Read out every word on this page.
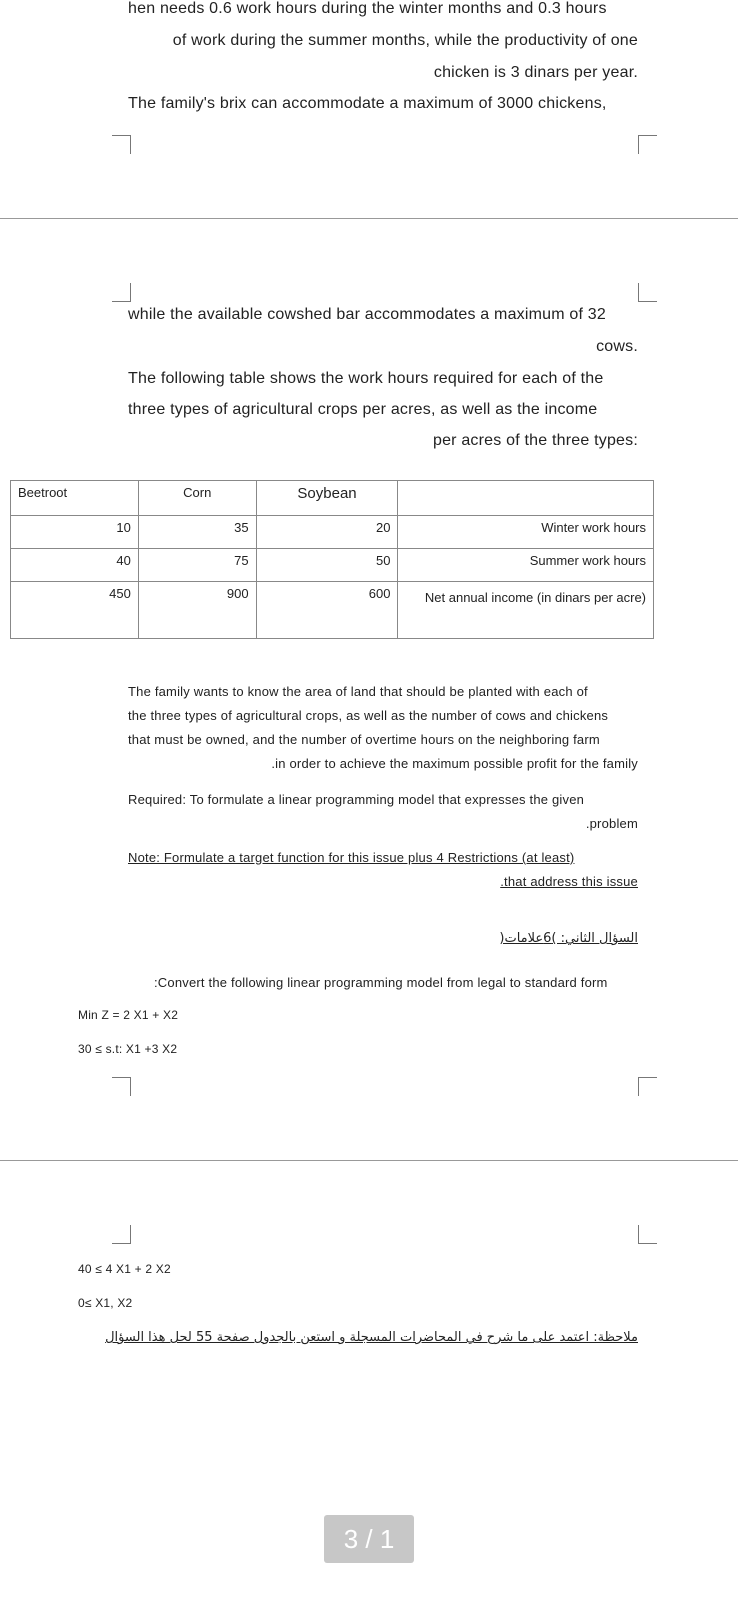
hen needs 0.6 work hours during the winter months and 0.3 hours
of work during the summer months, while the productivity of one
chicken is 3 dinars per year.
The family's brix can accommodate a maximum of 3000 chickens,
while the available cowshed bar accommodates a maximum of 32
cows.
The following table shows the work hours required for each of the
three types of agricultural crops per acres, as well as the income
per acres of the three types:
Beetroot	Corn	Soybean	
10	35	20	Winter work hours
40	75	50	Summer work hours
450	900	600	Net annual income (in dinars per acre)
The family wants to know the area of land that should be planted with each of
the three types of agricultural crops, as well as the number of cows and chickens
that must be owned, and the number of overtime hours on the neighboring farm
.in order to achieve the maximum possible profit for the family
Required: To formulate a linear programming model that expresses the given
.problem
Note: Formulate a target function for this issue plus 4 Restrictions (at least)
.that address this issue
السؤال الثاني: )6علامات(
:Convert the following linear programming model from legal to standard form
Min Z = 2 X1 + X2
30 ≤ s.t: X1 +3 X2
40 ≤ 4 X1 + 2 X2
0≤ X1, X2
ملاحظة: اعتمد على ما شرح في المحاضرات المسجلة و استعن بالجدول صفحة 55 لحل هذا السؤال
3 / 1
